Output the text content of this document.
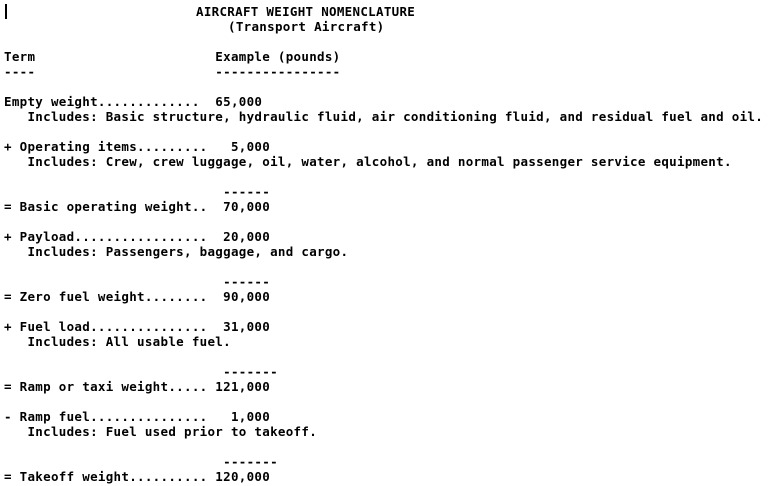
AIRCRAFT WEIGHT NOMENCLATURE

(Transport Aircraft)

Term                       Example (pounds)

----                       ----------------

Empty weight.............  65,000

Includes: Basic structure, hydraulic fluid, air conditioning fluid, and residual fuel and oil.

+ Operating items.........   5,000

Includes: Crew, crew luggage, oil, water, alcohol, and normal passenger service equipment.

------

= Basic operating weight..  70,000

+ Payload.................  20,000

Includes: Passengers, baggage, and cargo.

------

= Zero fuel weight........  90,000

+ Fuel load...............  31,000

Includes: All usable fuel.

-------

= Ramp or taxi weight..... 121,000

- Ramp fuel...............   1,000

Includes: Fuel used prior to takeoff.

-------

= Takeoff weight.......... 120,000
